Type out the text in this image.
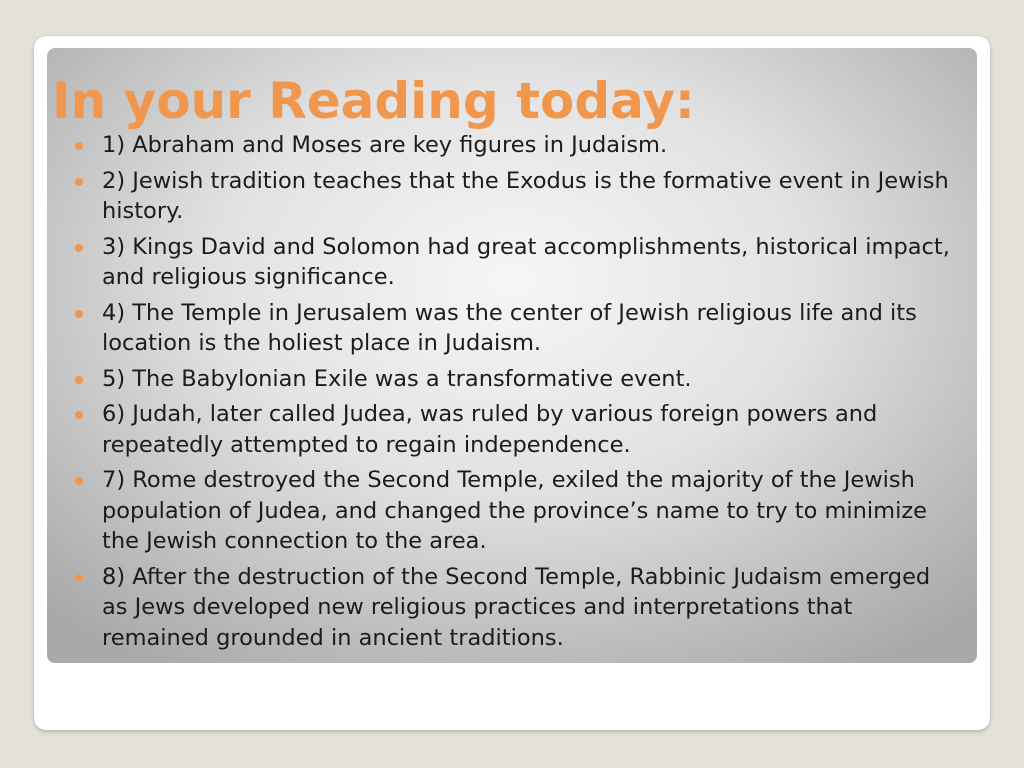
In your Reading today:
1) Abraham and Moses are key figures in Judaism.
2) Jewish tradition teaches that the Exodus is the formative event in Jewish history.
3) Kings David and Solomon had great accomplishments, historical impact, and religious significance.
4) The Temple in Jerusalem was the center of Jewish religious life and its location is the holiest place in Judaism.
5) The Babylonian Exile was a transformative event.
6) Judah, later called Judea, was ruled by various foreign powers and repeatedly attempted to regain independence.
7) Rome destroyed the Second Temple, exiled the majority of the Jewish population of Judea, and changed the province’s name to try to minimize the Jewish connection to the area.
8) After the destruction of the Second Temple, Rabbinic Judaism emerged as Jews developed new religious practices and interpretations that remained grounded in ancient traditions.
